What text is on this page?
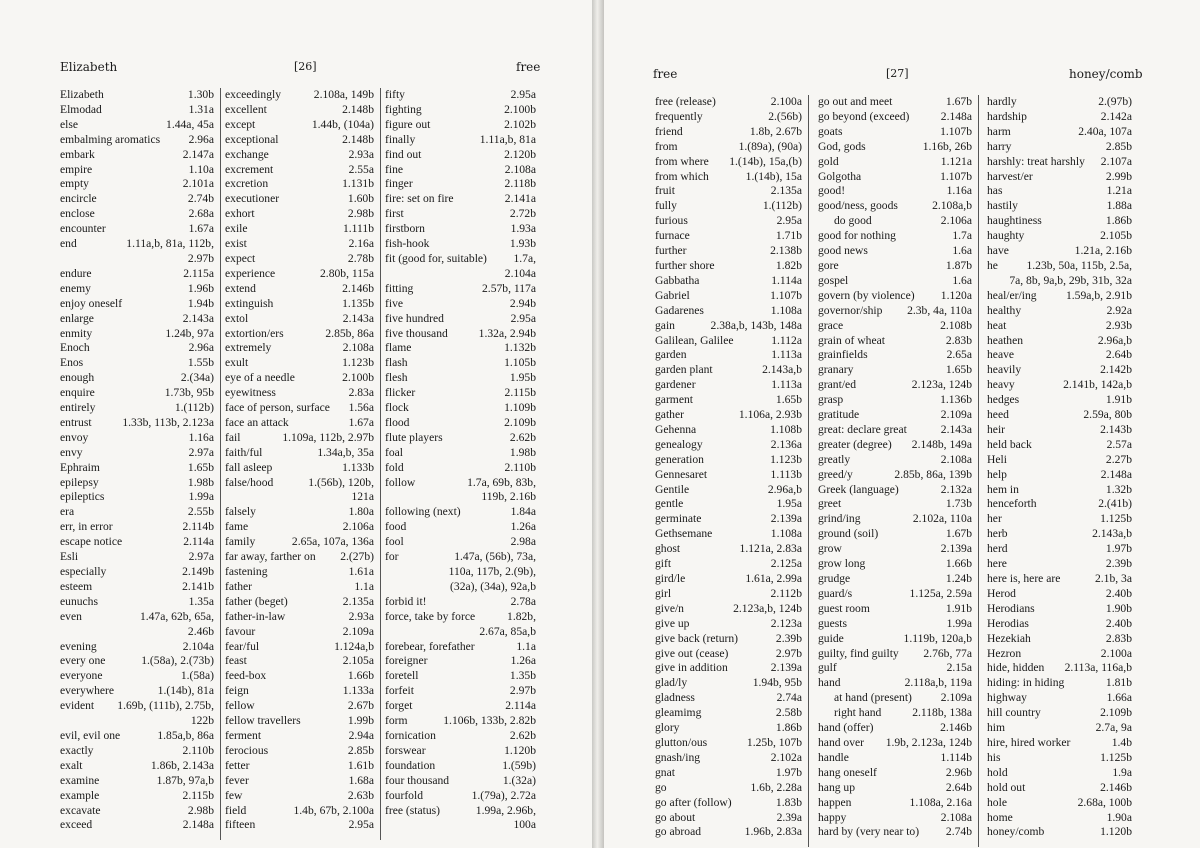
Elizabeth	[26]	free
Elizabeth	1.30b
Elmodad	1.31a
else	1.44a, 45a
embalming aromatics	2.96a
embark	2.147a
empire	1.10a
empty	2.101a
encircle	2.74b
enclose	2.68a
encounter	1.67a
end	1.11a,b, 81a, 112b,
2.97b
endure	2.115a
enemy	1.96b
enjoy oneself	1.94b
enlarge	2.143a
enmity	1.24b, 97a
Enoch	2.96a
Enos	1.55b
enough	2.(34a)
enquire	1.73b, 95b
entirely	1.(112b)
entrust	1.33b, 113b, 2.123a
envoy	1.16a
envy	2.97a
Ephraim	1.65b
epilepsy	1.98b
epileptics	1.99a
era	2.55b
err, in error	2.114b
escape notice	2.114a
Esli	2.97a
especially	2.149b
esteem	2.141b
eunuchs	1.35a
even	1.47a, 62b, 65a,
2.46b
evening	2.104a
every one	1.(58a), 2.(73b)
everyone	1.(58a)
everywhere	1.(14b), 81a
evident	1.69b, (111b), 2.75b,
122b
evil, evil one	1.85a,b, 86a
exactly	2.110b
exalt	1.86b, 2.143a
examine	1.87b, 97a,b
example	2.115b
excavate	2.98b
exceed	2.148a
exceedingly	2.108a, 149b
excellent	2.148b
except	1.44b, (104a)
exceptional	2.148b
exchange	2.93a
excrement	2.55a
excretion	1.131b
executioner	1.60b
exhort	2.98b
exile	1.111b
exist	2.16a
expect	2.78b
experience	2.80b, 115a
extend	2.146b
extinguish	1.135b
extol	2.143a
extortion/ers	2.85b, 86a
extremely	2.108a
exult	1.123b
eye of a needle	2.100b
eyewitness	2.83a
face of person, surface	1.56a
face an attack	1.67a
fail	1.109a, 112b, 2.97b
faith/ful	1.34a,b, 35a
fall asleep	1.133b
false/hood	1.(56b), 120b,
121a
falsely	1.80a
fame	2.106a
family	2.65a, 107a, 136a
far away, farther on	2.(27b)
fastening	1.61a
father	1.1a
father (beget)	2.135a
father-in-law	2.93a
favour	2.109a
fear/ful	1.124a,b
feast	2.105a
feed-box	1.66b
feign	1.133a
fellow	2.67b
fellow travellers	1.99b
ferment	2.94a
ferocious	2.85b
fetter	1.61b
fever	1.68a
few	2.63b
field	1.4b, 67b, 2.100a
fifteen	2.95a
fifty	2.95a
fighting	2.100b
figure out	2.102b
finally	1.11a,b, 81a
find out	2.120b
fine	2.108a
finger	2.118b
fire: set on fire	2.141a
first	2.72b
firstborn	1.93a
fish-hook	1.93b
fit (good for, suitable)	1.7a,
2.104a
fitting	2.57b, 117a
five	2.94b
five hundred	2.95a
five thousand	1.32a, 2.94b
flame	1.132b
flash	1.105b
flesh	1.95b
flicker	2.115b
flock	1.109b
flood	2.109b
flute players	2.62b
foal	1.98b
fold	2.110b
follow	1.7a, 69b, 83b,
119b, 2.16b
following (next)	1.84a
food	1.26a
fool	2.98a
for	1.47a, (56b), 73a,
110a, 117b, 2.(9b),
(32a), (34a), 92a,b
forbid it!	2.78a
force, take by force	1.82b,
2.67a, 85a,b
forebear, forefather	1.1a
foreigner	1.26a
foretell	1.35b
forfeit	2.97b
forget	2.114a
form	1.106b, 133b, 2.82b
fornication	2.62b
forswear	1.120b
foundation	1.(59b)
four thousand	1.(32a)
fourfold	1.(79a), 2.72a
free (status)	1.99a, 2.96b,
100a
free	[27]	honey/comb
free (release)	2.100a
frequently	2.(56b)
friend	1.8b, 2.67b
from	1.(89a), (90a)
from where	1.(14b), 15a,(b)
from which	1.(14b), 15a
fruit	2.135a
fully	1.(112b)
furious	2.95a
furnace	1.71b
further	2.138b
further shore	1.82b
Gabbatha	1.114a
Gabriel	1.107b
Gadarenes	1.108a
gain	2.38a,b, 143b, 148a
Galilean, Galilee	1.112a
garden	1.113a
garden plant	2.143a,b
gardener	1.113a
garment	1.65b
gather	1.106a, 2.93b
Gehenna	1.108b
genealogy	2.136a
generation	1.123b
Gennesaret	1.113b
Gentile	2.96a,b
gentle	1.95a
germinate	2.139a
Gethsemane	1.108a
ghost	1.121a, 2.83a
gift	2.125a
gird/le	1.61a, 2.99a
girl	2.112b
give/n	2.123a,b, 124b
give up	2.123a
give back (return)	2.39b
give out (cease)	2.97b
give in addition	2.139a
glad/ly	1.94b, 95b
gladness	2.74a
gleamimg	2.58b
glory	1.86b
glutton/ous	1.25b, 107b
gnash/ing	2.102a
gnat	1.97b
go	1.6b, 2.28a
go after (follow)	1.83b
go about	2.39a
go abroad	1.96b, 2.83a
go out and meet	1.67b
go beyond (exceed)	2.148a
goats	1.107b
God, gods	1.16b, 26b
gold	1.121a
Golgotha	1.107b
good!	1.16a
good/ness, goods	2.108a,b
do good	2.106a
good for nothing	1.7a
good news	1.6a
gore	1.87b
gospel	1.6a
govern (by violence)	1.120a
governor/ship	2.3b, 4a, 110a
grace	2.108b
grain of wheat	2.83b
grainfields	2.65a
granary	1.65b
grant/ed	2.123a, 124b
grasp	1.136b
gratitude	2.109a
great: declare great	2.143a
greater (degree)	2.148b, 149a
greatly	2.108a
greed/y	2.85b, 86a, 139b
Greek (language)	2.132a
greet	1.73b
grind/ing	2.102a, 110a
ground (soil)	1.67b
grow	2.139a
grow long	1.66b
grudge	1.24b
guard/s	1.125a, 2.59a
guest room	1.91b
guests	1.99a
guide	1.119b, 120a,b
guilty, find guilty	2.76b, 77a
gulf	2.15a
hand	2.118a,b, 119a
at hand (present)	2.109a
right hand	2.118b, 138a
hand (offer)	2.146b
hand over	1.9b, 2.123a, 124b
handle	1.114b
hang oneself	2.96b
hang up	2.64b
happen	1.108a, 2.16a
happy	2.108a
hard by (very near to)	2.74b
hardly	2.(97b)
hardship	2.142a
harm	2.40a, 107a
harry	2.85b
harshly: treat harshly	2.107a
harvest/er	2.99b
has	1.21a
hastily	1.88a
haughtiness	1.86b
haughty	2.105b
have	1.21a, 2.16b
he	1.23b, 50a, 115b, 2.5a,
7a, 8b, 9a,b, 29b, 31b, 32a
heal/er/ing	1.59a,b, 2.91b
healthy	2.92a
heat	2.93b
heathen	2.96a,b
heave	2.64b
heavily	2.142b
heavy	2.141b, 142a,b
hedges	1.91b
heed	2.59a, 80b
heir	2.143b
held back	2.57a
Heli	2.27b
help	2.148a
hem in	1.32b
henceforth	2.(41b)
her	1.125b
herb	2.143a,b
herd	1.97b
here	2.39b
here is, here are	2.1b, 3a
Herod	2.40b
Herodians	1.90b
Herodias	2.40b
Hezekiah	2.83b
Hezron	2.100a
hide, hidden	2.113a, 116a,b
hiding: in hiding	1.81b
highway	1.66a
hill country	2.109b
him	2.7a, 9a
hire, hired worker	1.4b
his	1.125b
hold	1.9a
hold out	2.146b
hole	2.68a, 100b
home	1.90a
honey/comb	1.120b
